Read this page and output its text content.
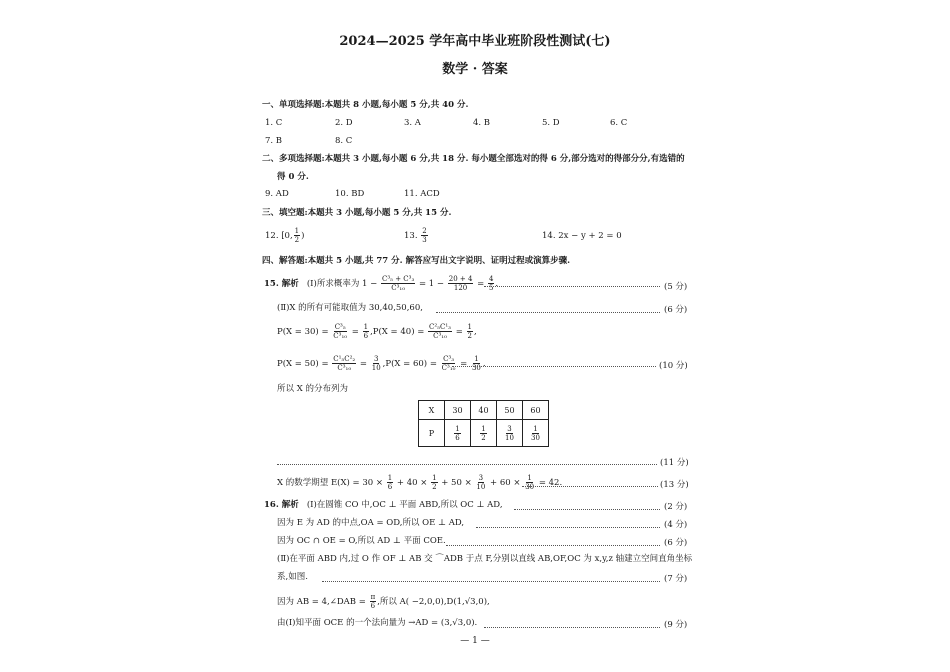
2024—2025 学年高中毕业班阶段性测试(七)
数学 · 答案
一、单项选择题:本题共 8 小题,每小题 5 分,共 40 分.
1. C	2. D	3. A	4. B	5. D	6. C
7. B	8. C
二、多项选择题:本题共 3 小题,每小题 6 分,共 18 分. 每小题全部选对的得 6 分,部分选对的得部分分,有选错的
得 0 分.
9. AD	10. BD	11. ACD
三、填空题:本题共 3 小题,每小题 5 分,共 15 分.
12. [0, $\frac{1}{2}$ )	13. $\frac{2}{3}$	14. 2x − y + 2 = 0
四、解答题:本题共 5 小题,共 77 分. 解答应写出文字说明、证明过程或演算步骤.
15. 解析 (Ⅰ)所求概率为 $1 - \frac{\text{C³₅ + C³₃}}{\text{C³₁₀}} = 1 - \frac{20 + 4}{120} = \frac{4}{5}$ .	(5 分)
(Ⅱ)X 的所有可能取值为 30,40,50,60,	(6 分)
$P(X = 30) = \frac{\text{C³₅}}{\text{C³₁₀}} = \frac{1}{6} ,P(X = 40) = \frac{\text{C²₅C¹₃}}{\text{C³₁₀}} = \frac{1}{2}$ ,
$P(X = 50) = \frac{\text{C¹₅C²₂}}{\text{C³₁₀}} = \frac{3}{10} ,P(X = 60) = \frac{\text{C³₃}}{\text{C³₁₀}} = \frac{1}{30}$ .	(10 分)
所以 X 的分布列为
X	30	40	50	60
P	$\frac{1}{6}$	$\frac{1}{2}$	$\frac{3}{10}$	$\frac{1}{30}$
(11 分)
X 的数学期望 $E(X) = 30 \times \frac{1}{6} + 40 \times \frac{1}{2} + 50 \times \frac{3}{10} + 60 \times \frac{1}{30} = 42$.	(13 分)
16. 解析 (Ⅰ)在圆锥 CO 中,OC ⊥ 平面 ABD,所以 OC ⊥ AD,	(2 分)
因为 E 为 AD 的中点,OA = OD,所以 OE ⊥ AD,	(4 分)
因为 OC ∩ OE = O,所以 AD ⊥ 平面 COE.	(6 分)
(Ⅱ)在平面 ABD 内,过 O 作 OF ⊥ AB 交 ⌒ADB 于点 F,分别以直线 AB,OF,OC 为 x,y,z 轴建立空间直角坐标
系,如图.	(7 分)
因为 AB = 4,∠DAB = $\frac{\pi}{6}$ ,所以 A( −2,0,0),D(1,√3,0),
由(Ⅰ)知平面 OCE 的一个法向量为 →AD = (3,√3,0).	(9 分)
— 1 —
